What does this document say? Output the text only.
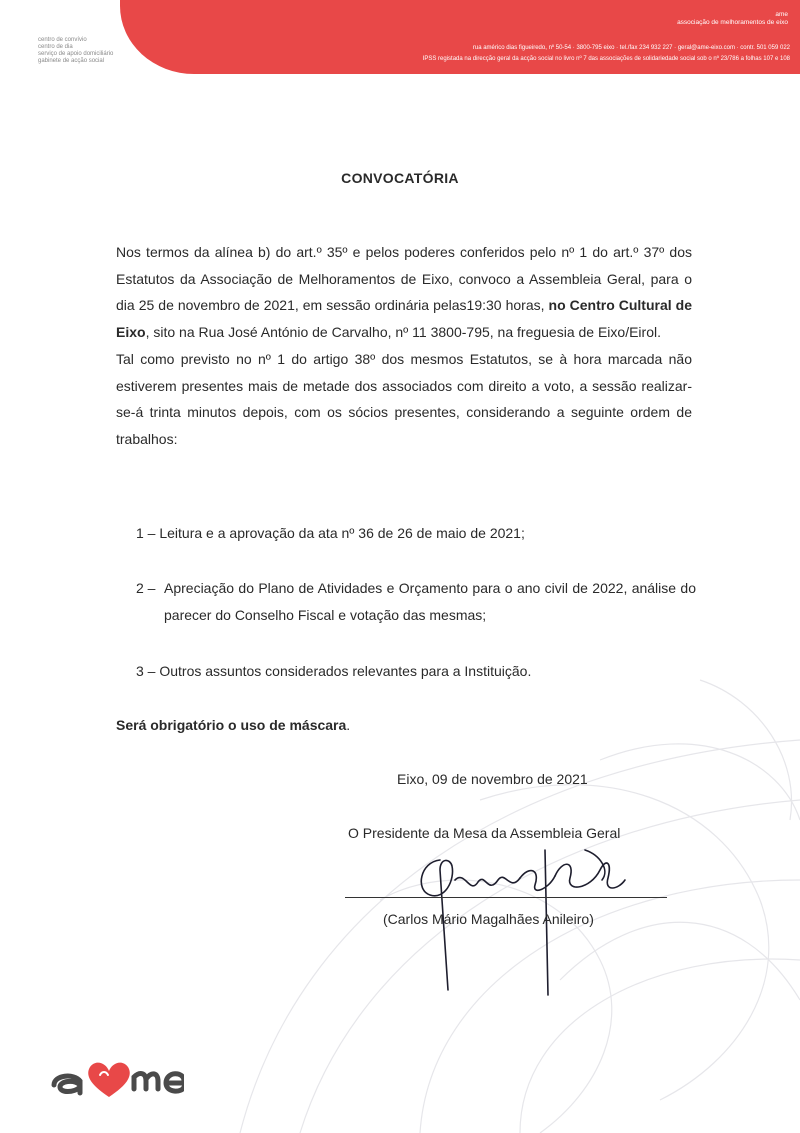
centro de convívio
centro de dia
serviço de apoio domiciliário
gabinete de acção social
ame
associação de melhoramentos de eixo
rua américo dias figueiredo, nº 50-54 · 3800-795 eixo · tel./fax 234 932 227 · geral@ame-eixo.com · contr. 501 059 022
IPSS registada na direcção geral da acção social no livro nº 7 das associações de solidariedade social sob o nº 23/786 a folhas 107 e 108
CONVOCATÓRIA
Nos termos da alínea b) do art.º 35º e pelos poderes conferidos pelo nº 1 do art.º 37º dos Estatutos da Associação de Melhoramentos de Eixo, convoco a Assembleia Geral, para o dia 25 de novembro de 2021, em sessão ordinária pelas19:30 horas, no Centro Cultural de Eixo, sito na Rua José António de Carvalho, nº 11 3800-795, na freguesia de Eixo/Eirol.
Tal como previsto no nº 1 do artigo 38º dos mesmos Estatutos, se à hora marcada não estiverem presentes mais de metade dos associados com direito a voto, a sessão realizar-se-á trinta minutos depois, com os sócios presentes, considerando a seguinte ordem de trabalhos:
1 – Leitura e a aprovação da ata nº 36 de 26 de maio de 2021;
2 – Apreciação do Plano de Atividades e Orçamento para o ano civil de 2022, análise do parecer do Conselho Fiscal e votação das mesmas;
3 – Outros assuntos considerados relevantes para a Instituição.
Será obrigatório o uso de máscara.
Eixo, 09 de novembro de 2021
O Presidente da Mesa da Assembleia Geral
(Carlos Mário Magalhães Anileiro)
